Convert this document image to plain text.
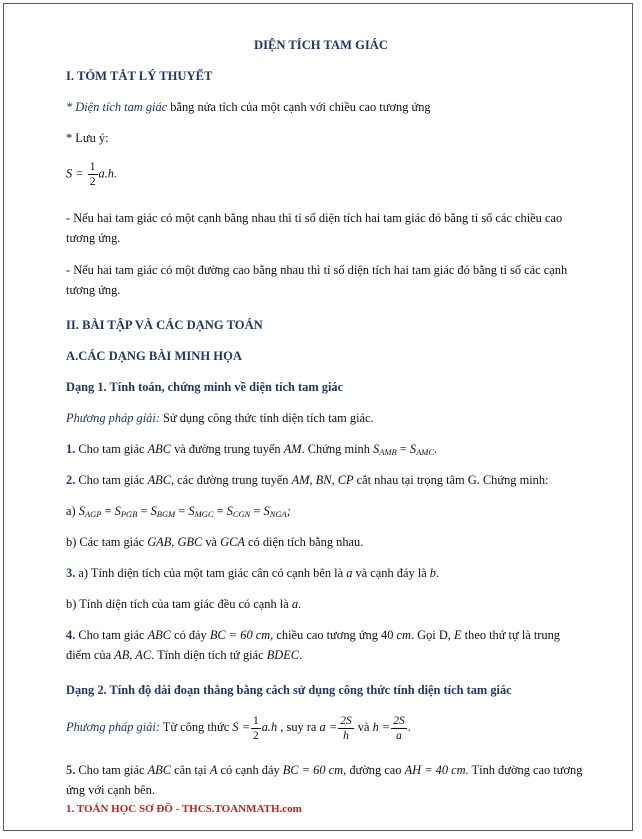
DIỆN TÍCH TAM GIÁC
I. TÓM TẮT LÝ THUYẾT
* Diện tích tam giác bằng nửa tích của một cạnh với chiều cao tương ứng
* Lưu ý:
$S = \frac{1}{2} a.h$.
- Nếu hai tam giác có một cạnh bằng nhau thì tỉ số diện tích hai tam giác đó bằng tỉ số các chiều cao tương ứng.
- Nếu hai tam giác có một đường cao bằng nhau thì tỉ số diện tích hai tam giác đó bằng tỉ số các cạnh tương ứng.
II. BÀI TẬP VÀ CÁC DẠNG TOÁN
A.CÁC DẠNG BÀI MINH HỌA
Dạng 1. Tính toán, chứng minh về diện tích tam giác
Phương pháp giải: Sử dụng công thức tính diện tích tam giác.
1. Cho tam giác ABC và đường trung tuyến AM. Chứng minh $S_{AMB} = S_{AMC}$.
2. Cho tam giác ABC, các đường trung tuyến AM, BN, CP cắt nhau tại trọng tâm G. Chứng minh:
a) $S_{AGP} = S_{PGB} = S_{BGM} = S_{MGC} = S_{CGN} = S_{NGA}$;
b) Các tam giác GAB, GBC và GCA có diện tích bằng nhau.
3. a) Tính diện tích của một tam giác cân có cạnh bên là a và cạnh đáy là b.
b) Tính diện tích của tam giác đều có cạnh là a.
4. Cho tam giác ABC có đáy BC = 60 cm, chiều cao tương ứng 40 cm. Gọi D, E theo thứ tự là trung điểm của AB, AC. Tính diện tích tứ giác BDEC.
Dạng 2. Tính độ dài đoạn thẳng bằng cách sử dụng công thức tính diện tích tam giác
Phương pháp giải: Từ công thức $S = \frac{1}{2} a.h$ , suy ra $a = \frac{2S}{h}$ và $h = \frac{2S}{a}$ .
5. Cho tam giác ABC cân tại A có cạnh đáy BC = 60 cm, đường cao AH = 40 cm. Tính đường cao tương ứng với cạnh bên.
1. TOÁN HỌC SƠ ĐỒ - THCS.TOANMATH.com
